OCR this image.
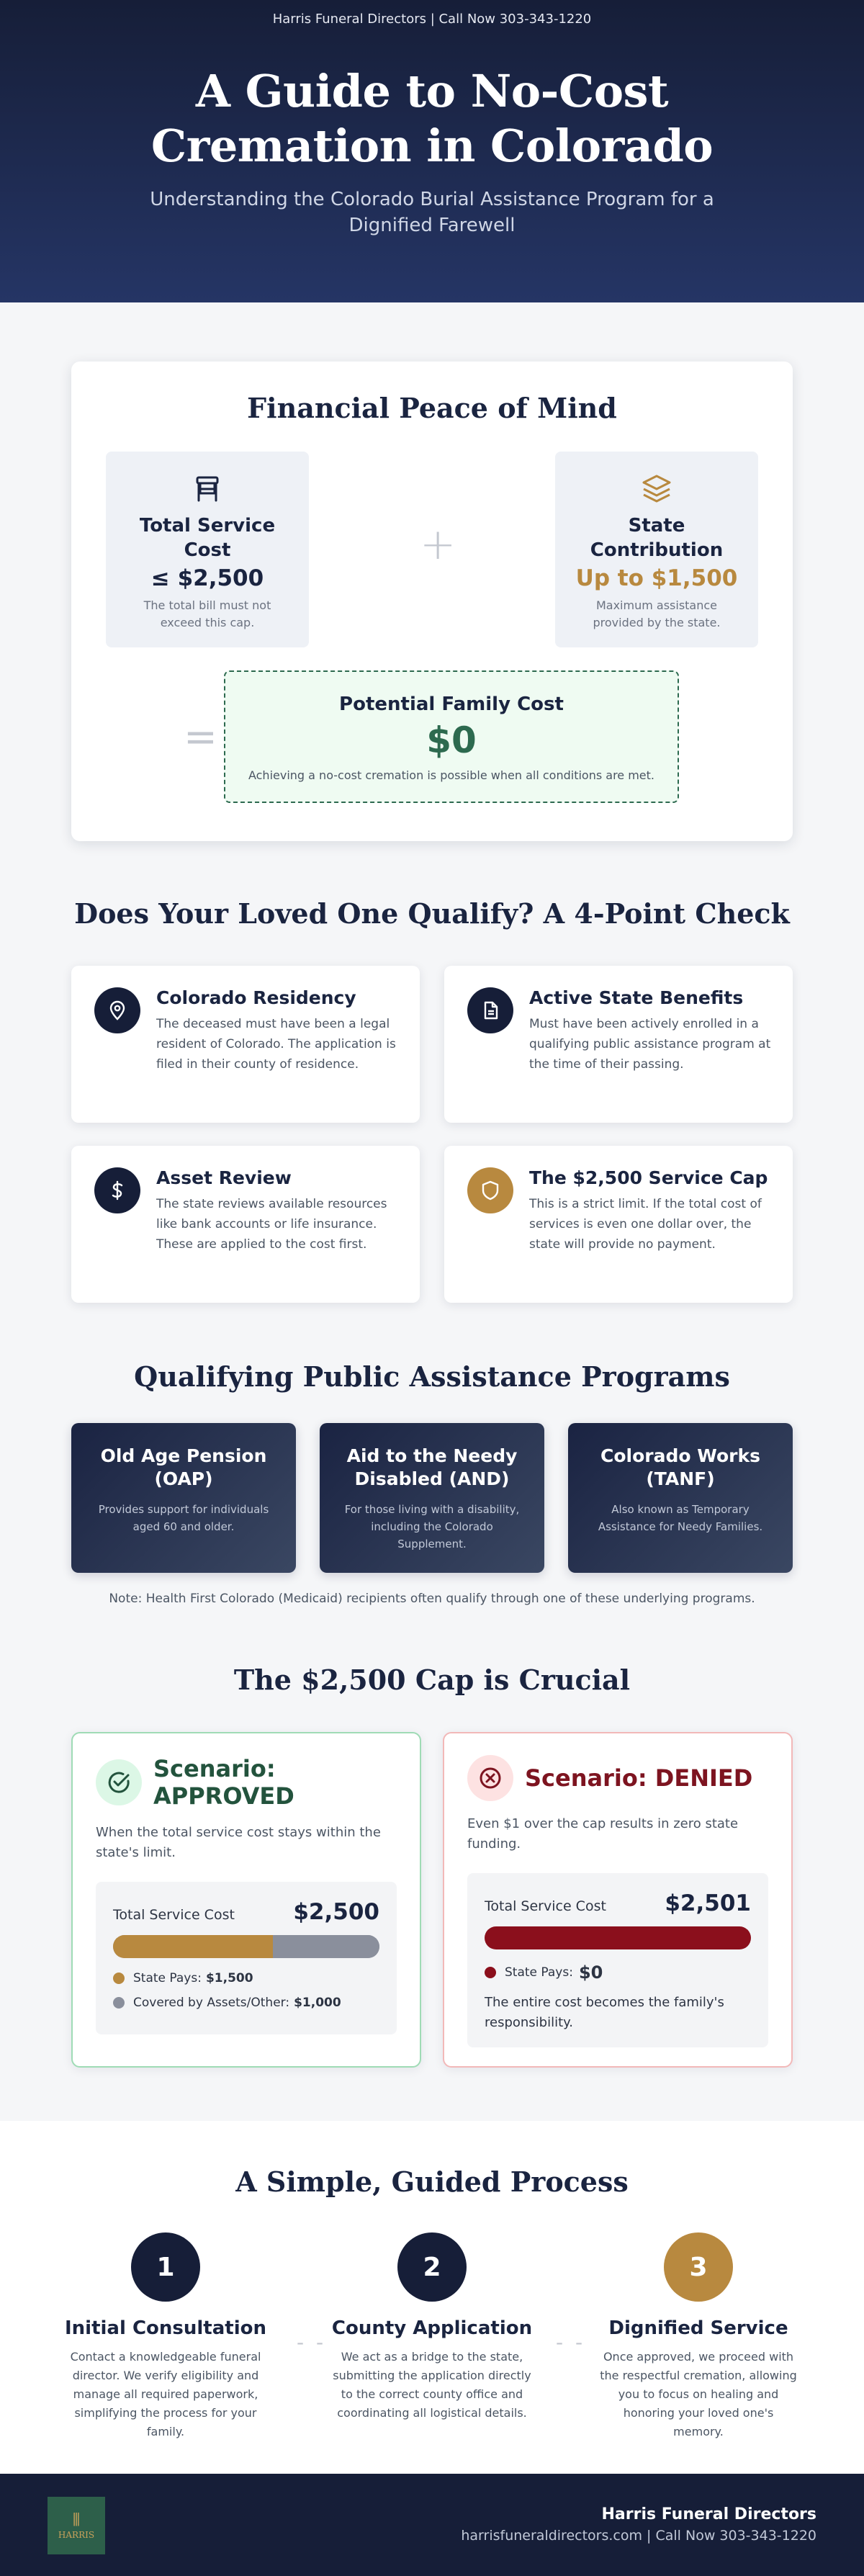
Harris Funeral Directors | Call Now 303-343-1220
A Guide to No-Cost Cremation in Colorado
Understanding the Colorado Burial Assistance Program for a Dignified Farewell
Financial Peace of Mind
Total Service Cost
≤ $2,500
The total bill must not exceed this cap.
+	State Contribution
Up to $1,500
Maximum assistance provided by the state.
=
Potential Family Cost
$0
Achieving a no-cost cremation is possible when all conditions are met.
Does Your Loved One Qualify? A 4-Point Check
Colorado Residency

The deceased must have been a legal resident of Colorado. The application is filed in their county of residence.

Active State Benefits

Must have been actively enrolled in a qualifying public assistance program at the time of their passing.

Asset Review

The state reviews available resources like bank accounts or life insurance. These are applied to the cost first.

The $2,500 Service Cap

This is a strict limit. If the total cost of services is even one dollar over, the state will provide no payment.

Qualifying Public Assistance Programs
Old Age Pension (OAP)

Provides support for individuals aged 60 and older.

Aid to the Needy Disabled (AND)

For those living with a disability, including the Colorado Supplement.

Colorado Works (TANF)

Also known as Temporary Assistance for Needy Families.

Note: Health First Colorado (Medicaid) recipients often qualify through one of these underlying programs.
The $2,500 Cap is Crucial
Scenario: APPROVED
When the total service cost stays within the state's limit.
Total Service Cost	$2,500
State Pays: $1,500
Covered by Assets/Other: $1,000
Scenario: DENIED
Even $1 over the cap results in zero state funding.
Total Service Cost	$2,501
State Pays: $0
The entire cost becomes the family's responsibility.
A Simple, Guided Process
1
Initial Consultation

Contact a knowledgeable funeral director. We verify eligibility and manage all required paperwork, simplifying the process for your family.

- -
2
County Application

We act as a bridge to the state, submitting the application directly to the correct county office and coordinating all logistical details.

- -
3
Dignified Service

Once approved, we proceed with the respectful cremation, allowing you to focus on healing and honoring your loved one's memory.

⦀
HARRIS
Harris Funeral Directors
harrisfuneraldirectors.com | Call Now 303-343-1220
